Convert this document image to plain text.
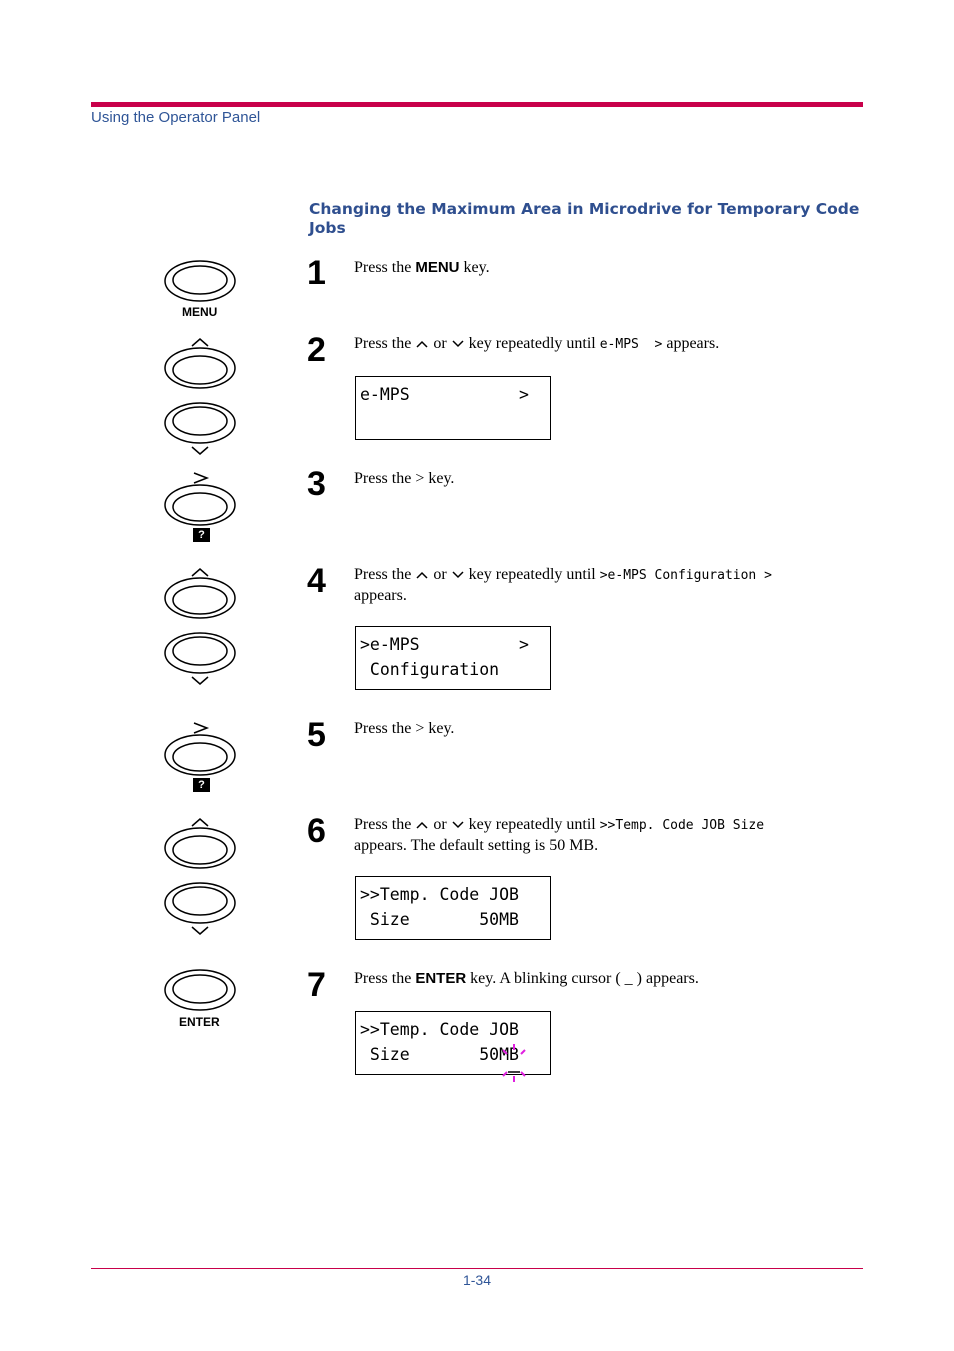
Using the Operator Panel
Changing the Maximum Area in Microdrive for Temporary Code Jobs
MENU
?
?
ENTER
1 Press the MENU key.
2 Press the  or  key repeatedly until e-MPS  > appears.
e-MPS           >
3 Press the > key.
4 Press the  or  key repeatedly until >e-MPS Configuration >
appears.
>e-MPS          >
Configuration
5 Press the > key.
6 Press the  or  key repeatedly until >>Temp. Code JOB Size
appears. The default setting is 50 MB.
>>Temp. Code JOB
Size       50MB
7 Press the ENTER key. A blinking cursor ( _ ) appears.
>>Temp. Code JOB
Size       50MB
1-34
